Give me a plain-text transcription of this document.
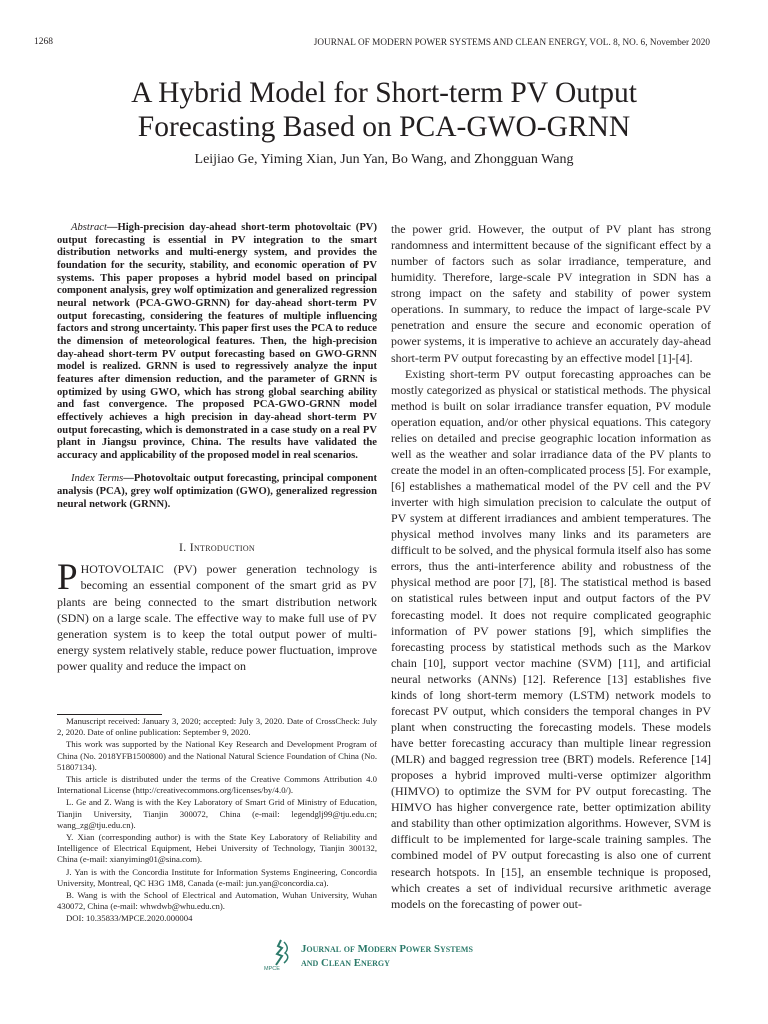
1268	JOURNAL OF MODERN POWER SYSTEMS AND CLEAN ENERGY, VOL. 8, NO. 6, November 2020
A Hybrid Model for Short-term PV Output
Forecasting Based on PCA-GWO-GRNN
Leijiao Ge, Yiming Xian, Jun Yan, Bo Wang, and Zhongguan Wang

Abstract—High-precision day-ahead short-term photovoltaic (PV) output forecasting is essential in PV integration to the smart distribution networks and multi-energy system, and provides the foundation for the security, stability, and economic operation of PV systems. This paper proposes a hybrid model based on principal component analysis, grey wolf optimization and generalized regression neural network (PCA-GWO-GRNN) for day-ahead short-term PV output forecasting, considering the features of multiple influencing factors and strong uncertainty. This paper first uses the PCA to reduce the dimension of meteorological features. Then, the high-precision day-ahead short-term PV output forecasting based on GWO-GRNN model is realized. GRNN is used to regressively analyze the input features after dimension reduction, and the parameter of GRNN is optimized by using GWO, which has strong global searching ability and fast convergence. The proposed PCA-GWO-GRNN model effectively achieves a high precision in day-ahead short-term PV output forecasting, which is demonstrated in a case study on a real PV plant in Jiangsu province, China. The results have validated the accuracy and applicability of the proposed model in real scenarios.

Index Terms—Photovoltaic output forecasting, principal component analysis (PCA), grey wolf optimization (GWO), generalized regression neural network (GRNN).

I. Introduction

PHOTOVOLTAIC (PV) power generation technology is becoming an essential component of the smart grid as PV plants are being connected to the smart distribution network (SDN) on a large scale. The effective way to make full use of PV generation system is to keep the total output power of multi-energy system relatively stable, reduce power fluctuation, improve power quality and reduce the impact on

the power grid. However, the output of PV plant has strong randomness and intermittent because of the significant effect by a number of factors such as solar irradiance, temperature, and humidity. Therefore, large-scale PV integration in SDN has a strong impact on the safety and stability of power system operations. In summary, to reduce the impact of large-scale PV penetration and ensure the secure and economic operation of power systems, it is imperative to achieve an accurately day-ahead short-term PV output forecasting by an effective model [1]-[4].

Existing short-term PV output forecasting approaches can be mostly categorized as physical or statistical methods. The physical method is built on solar irradiance transfer equation, PV module operation equation, and/or other physical equations. This category relies on detailed and precise geographic location information as well as the weather and solar irradiance data of the PV plants to create the model in an often-complicated process [5]. For example, [6] establishes a mathematical model of the PV cell and the PV inverter with high simulation precision to calculate the output of PV system at different irradiances and ambient temperatures. The physical method involves many links and its parameters are difficult to be solved, and the physical formula itself also has some errors, thus the anti-interference ability and robustness of the physical method are poor [7], [8]. The statistical method is based on statistical rules between input and output factors of the PV forecasting model. It does not require complicated geographic information of PV power stations [9], which simplifies the forecasting process by statistical methods such as the Markov chain [10], support vector machine (SVM) [11], and artificial neural networks (ANNs) [12]. Reference [13] establishes five kinds of long short-term memory (LSTM) network models to forecast PV output, which considers the temporal changes in PV plant when constructing the forecasting models. These models have better forecasting accuracy than multiple linear regression (MLR) and bagged regression tree (BRT) models. Reference [14] proposes a hybrid improved multi-verse optimizer algorithm (HIMVO) to optimize the SVM for PV output forecasting. The HIMVO has higher convergence rate, better optimization ability and stability than other optimization algorithms. However, SVM is difficult to be implemented for large-scale training samples. The combined model of PV output forecasting is also one of current research hotspots. In [15], an ensemble technique is proposed, which creates a set of individual recursive arithmetic average models on the forecasting of power out-

Manuscript received: January 3, 2020; accepted: July 3, 2020. Date of CrossCheck: July 2, 2020. Date of online publication: September 9, 2020.

This work was supported by the National Key Research and Development Program of China (No. 2018YFB1500800) and the National Natural Science Foundation of China (No. 51807134).

This article is distributed under the terms of the Creative Commons Attribution 4.0 International License (http://creativecommons.org/licenses/by/4.0/).

L. Ge and Z. Wang is with the Key Laboratory of Smart Grid of Ministry of Education, Tianjin University, Tianjin 300072, China (e-mail: legendglj99@tju.edu.cn; wang_zg@tju.edu.cn).

Y. Xian (corresponding author) is with the State Key Laboratory of Reliability and Intelligence of Electrical Equipment, Hebei University of Technology, Tianjin 300132, China (e-mail: xianyiming01@sina.com).

J. Yan is with the Concordia Institute for Information Systems Engineering, Concordia University, Montreal, QC H3G 1M8, Canada (e-mail: jun.yan@concordia.ca).

B. Wang is with the School of Electrical and Automation, Wuhan University, Wuhan 430072, China (e-mail: whwdwb@whu.edu.cn).

DOI: 10.35833/MPCE.2020.000004

Journal of Modern Power Systems
and Clean Energy
MPCE
